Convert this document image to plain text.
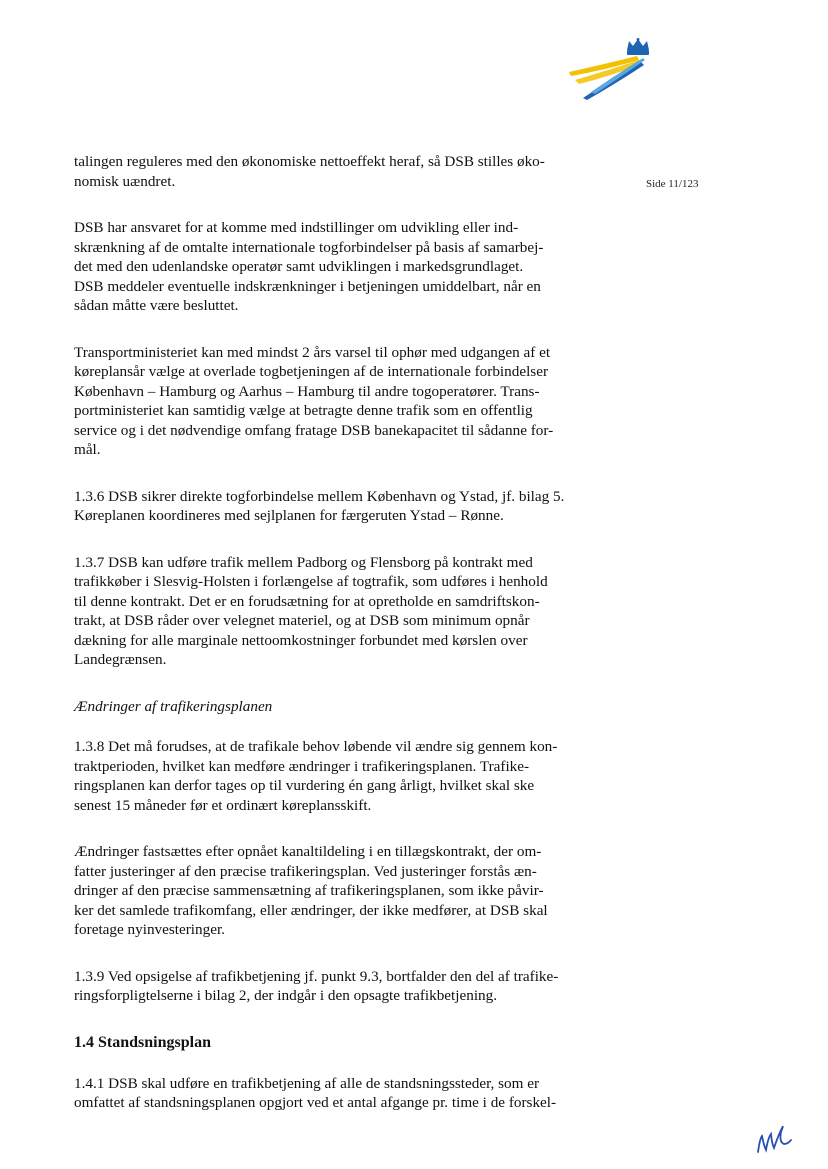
Side 11/123

talingen reguleres med den økonomiske nettoeffekt heraf, så DSB stilles øko-
nomisk uændret.

DSB har ansvaret for at komme med indstillinger om udvikling eller ind-
skrænkning af de omtalte internationale togforbindelser på basis af samarbej-
det med den udenlandske operatør samt udviklingen i markedsgrundlaget.
DSB meddeler eventuelle indskrænkninger i betjeningen umiddelbart, når en
sådan måtte være besluttet.

Transportministeriet kan med mindst 2 års varsel til ophør med udgangen af et
køreplansår vælge at overlade togbetjeningen af de internationale forbindelser
København – Hamburg og Aarhus – Hamburg til andre togoperatører. Trans-
portministeriet kan samtidig vælge at betragte denne trafik som en offentlig
service og i det nødvendige omfang fratage DSB banekapacitet til sådanne for-
mål.

1.3.6 DSB sikrer direkte togforbindelse mellem København og Ystad, jf. bilag 5.
Køreplanen koordineres med sejlplanen for færgeruten Ystad – Rønne.

1.3.7 DSB kan udføre trafik mellem Padborg og Flensborg på kontrakt med
trafikkøber i Slesvig-Holsten i forlængelse af togtrafik, som udføres i henhold
til denne kontrakt. Det er en forudsætning for at opretholde en samdriftskon-
trakt, at DSB råder over velegnet materiel, og at DSB som minimum opnår
dækning for alle marginale nettoomkostninger forbundet med kørslen over
Landegrænsen.

Ændringer af trafikeringsplanen

1.3.8 Det må forudses, at de trafikale behov løbende vil ændre sig gennem kon-
traktperioden, hvilket kan medføre ændringer i trafikeringsplanen. Trafike-
ringsplanen kan derfor tages op til vurdering én gang årligt, hvilket skal ske
senest 15 måneder før et ordinært køreplansskift.

Ændringer fastsættes efter opnået kanaltildeling i en tillægskontrakt, der om-
fatter justeringer af den præcise trafikeringsplan. Ved justeringer forstås æn-
dringer af den præcise sammensætning af trafikeringsplanen, som ikke påvir-
ker det samlede trafikomfang, eller ændringer, der ikke medfører, at DSB skal
foretage nyinvesteringer.

1.3.9 Ved opsigelse af trafikbetjening jf. punkt 9.3, bortfalder den del af trafike-
ringsforpligtelserne i bilag 2, der indgår i den opsagte trafikbetjening.

1.4 Standsningsplan

1.4.1 DSB skal udføre en trafikbetjening af alle de standsningssteder, som er
omfattet af standsningsplanen opgjort ved et antal afgange pr. time i de forskel-
